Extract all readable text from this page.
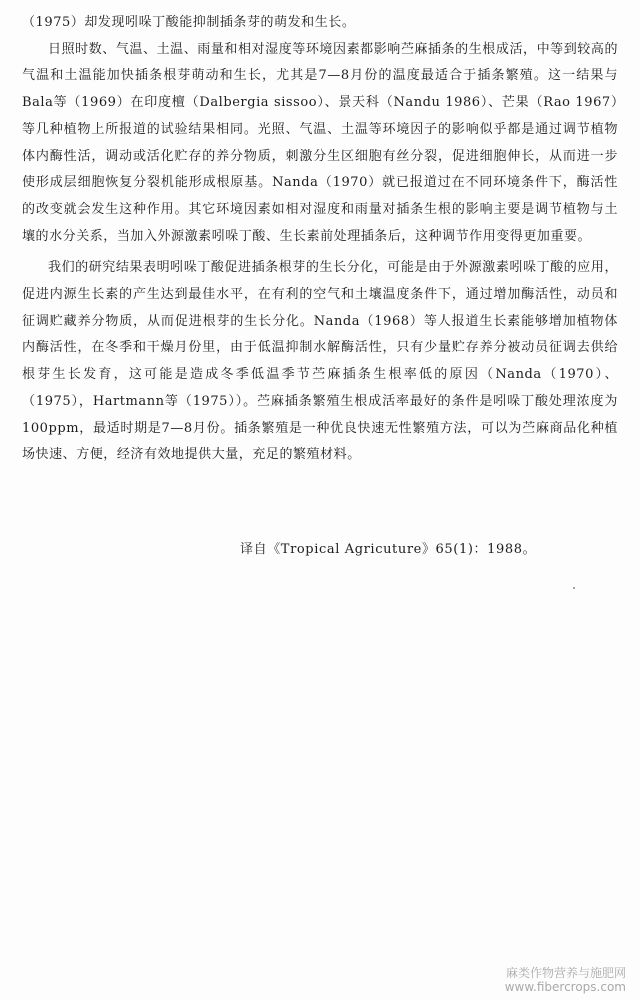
（1975）却发现吲哚丁酸能抑制插条芽的萌发和生长。

日照时数、气温、土温、雨量和相对湿度等环境因素都影响苎麻插条的生根成活，中等到较高的气温和土温能加快插条根芽萌动和生长，尤其是7—8月份的温度最适合于插条繁殖。这一结果与Bala等（1969）在印度檀（Dalbergia sissoo）、景天科（Nandu 1986）、芒果（Rao 1967）等几种植物上所报道的试验结果相同。光照、气温、土温等环境因子的影响似乎都是通过调节植物体内酶性活，调动或活化贮存的养分物质，刺激分生区细胞有丝分裂，促进细胞伸长，从而进一步使形成层细胞恢复分裂机能形成根原基。Nanda（1970）就已报道过在不同环境条件下，酶活性的改变就会发生这种作用。其它环境因素如相对湿度和雨量对插条生根的影响主要是调节植物与土壤的水分关系，当加入外源激素吲哚丁酸、生长素前处理插条后，这种调节作用变得更加重要。

我们的研究结果表明吲哚丁酸促进插条根芽的生长分化，可能是由于外源激素吲哚丁酸的应用，促进内源生长素的产生达到最佳水平，在有利的空气和土壤温度条件下，通过增加酶活性，动员和征调贮藏养分物质，从而促进根芽的生长分化。Nanda（1968）等人报道生长素能够增加植物体内酶活性，在冬季和干燥月份里，由于低温抑制水解酶活性，只有少量贮存养分被动员征调去供给根芽生长发育，这可能是造成冬季低温季节苎麻插条生根率低的原因（Nanda（1970）、（1975），Hartmann等（1975））。苎麻插条繁殖生根成活率最好的条件是吲哚丁酸处理浓度为100ppm，最适时期是7—8月份。插条繁殖是一种优良快速无性繁殖方法，可以为苎麻商品化种植场快速、方便，经济有效地提供大量，充足的繁殖材料。

译自《Tropical Agricuture》65(1)：1988。
麻类作物营养与施肥网
www.fibercrops.com
